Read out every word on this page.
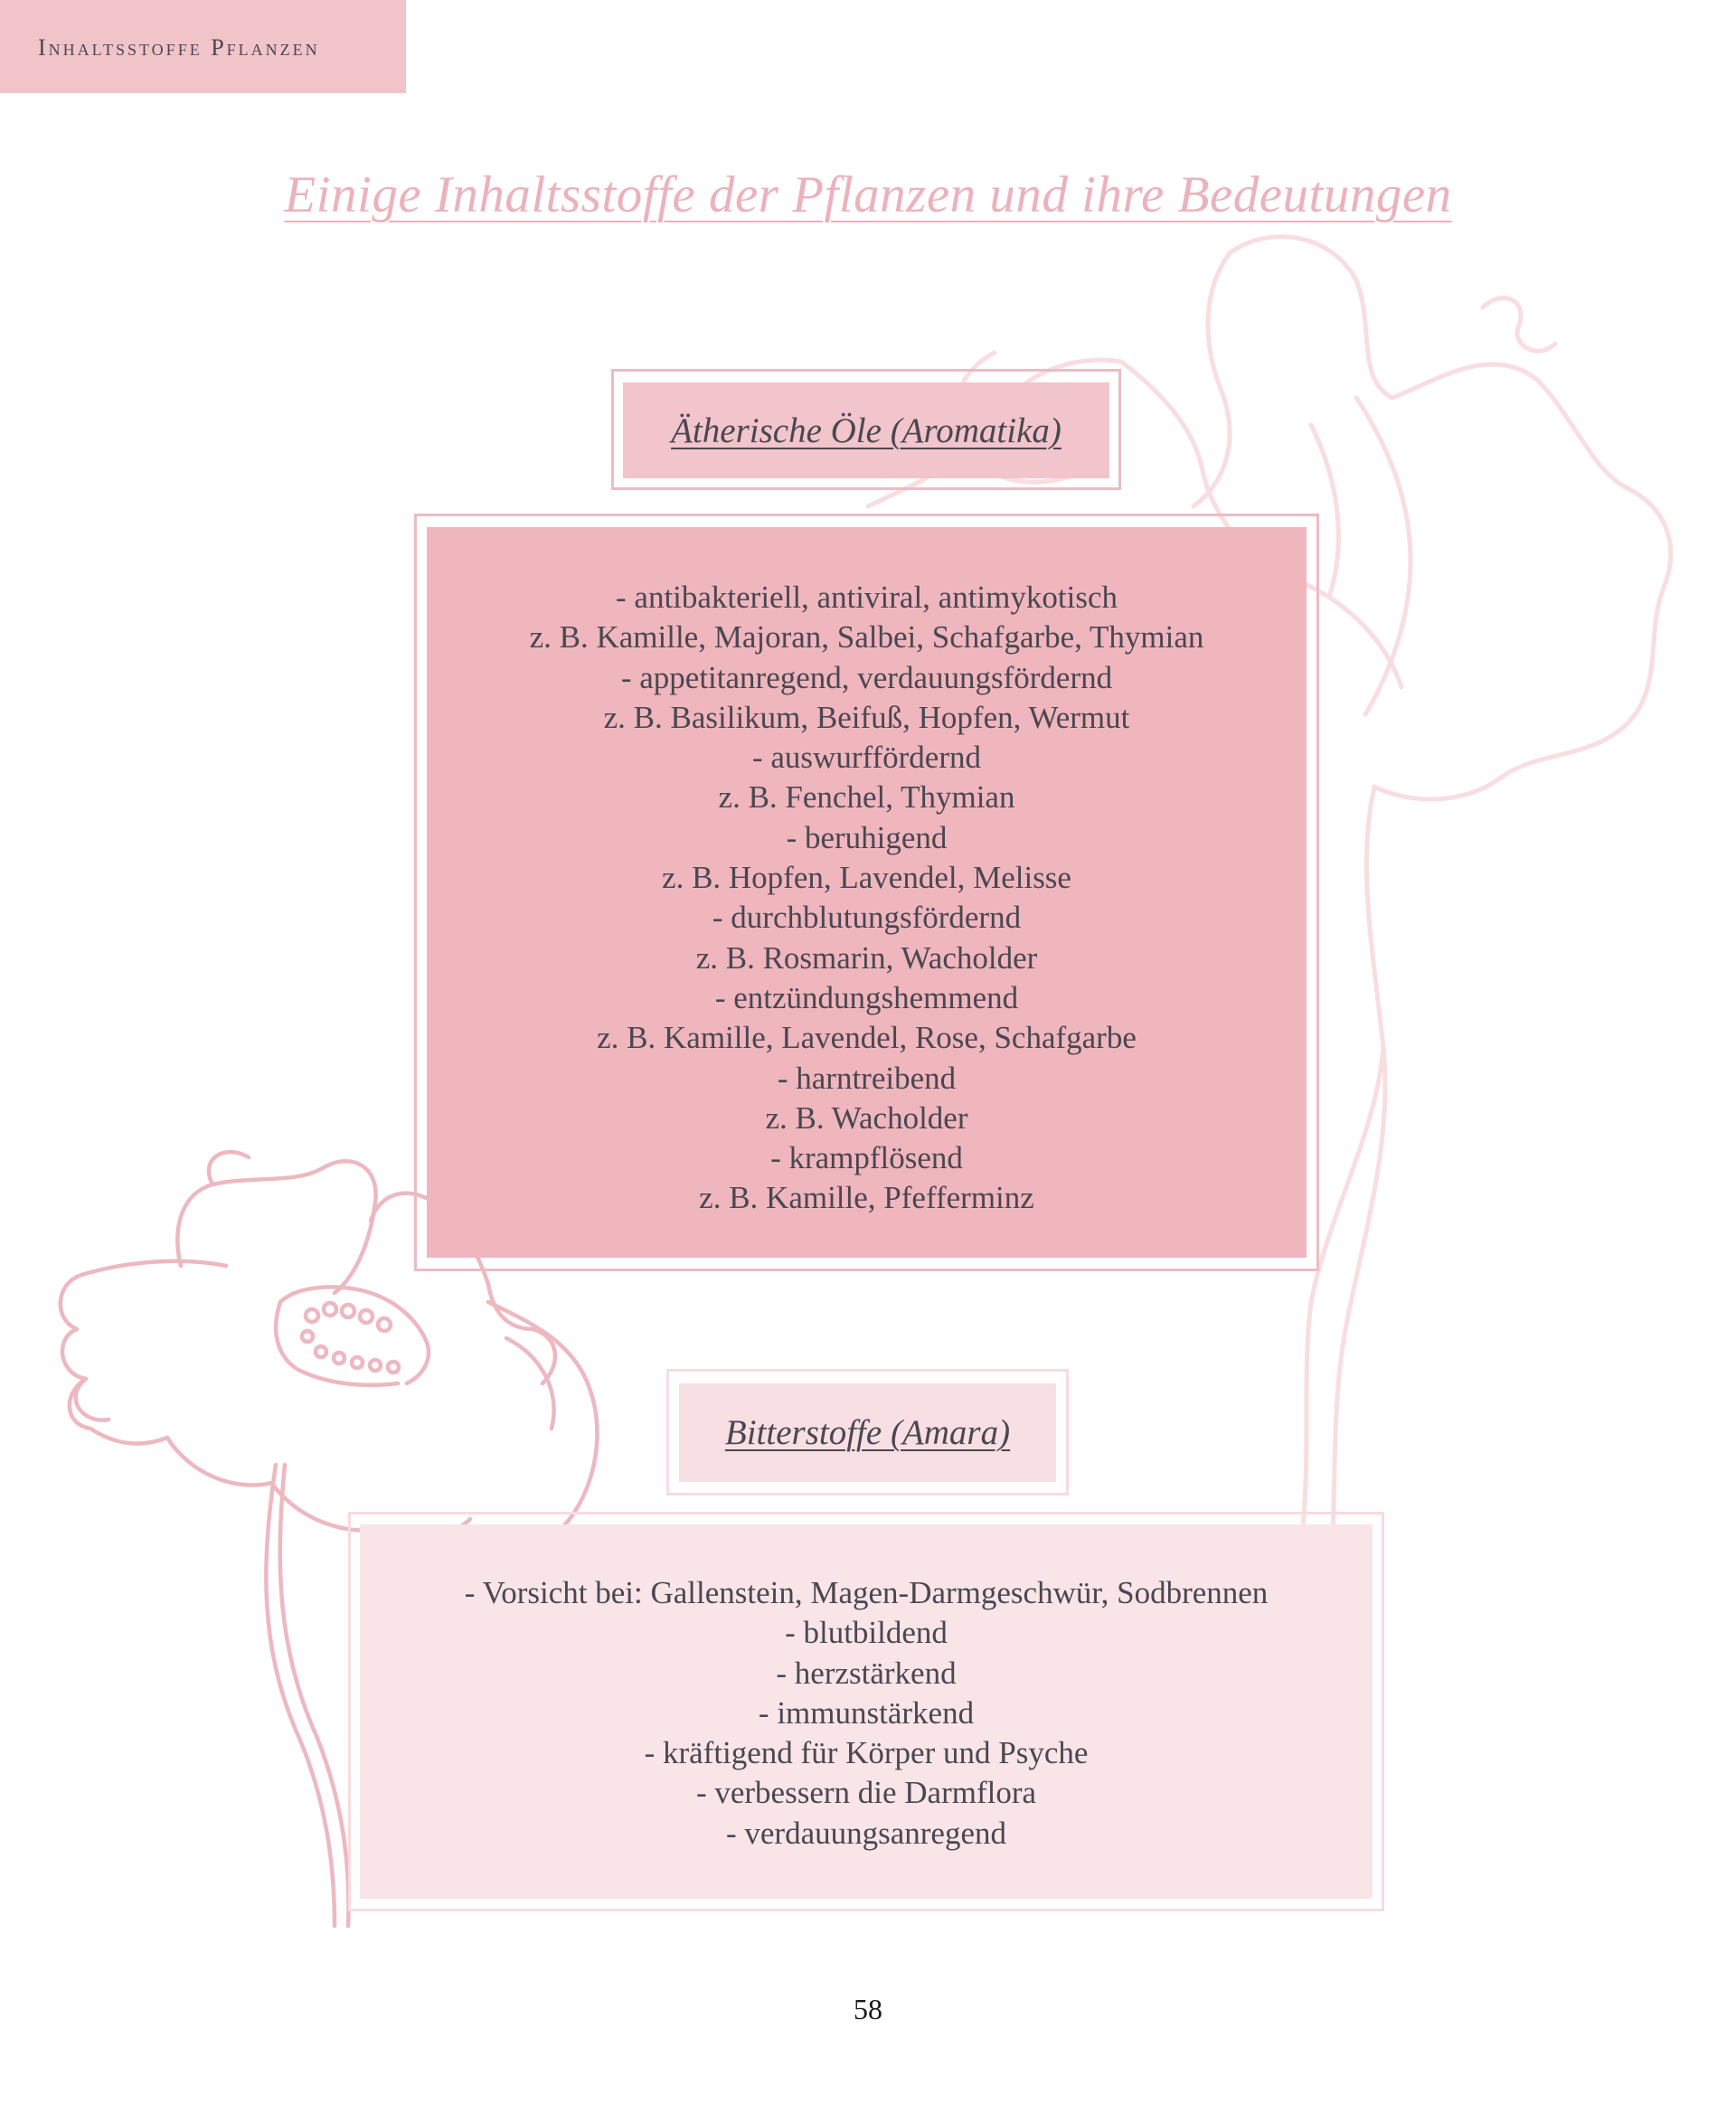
Inhaltsstoffe Pflanzen
Einige Inhaltsstoffe der Pflanzen und ihre Bedeutungen
Ätherische Öle (Aromatika)
- antibakteriell, antiviral, antimykotisch
z. B. Kamille, Majoran, Salbei, Schafgarbe, Thymian
- appetitanregend, verdauungsfördernd
z. B. Basilikum, Beifuß, Hopfen, Wermut
- auswurffördernd
z. B. Fenchel, Thymian
- beruhigend
z. B. Hopfen, Lavendel, Melisse
- durchblutungsfördernd
z. B. Rosmarin, Wacholder
- entzündungshemmend
z. B. Kamille, Lavendel, Rose, Schafgarbe
- harntreibend
z. B. Wacholder
- krampflösend
z. B. Kamille, Pfefferminz
Bitterstoffe (Amara)
- Vorsicht bei: Gallenstein, Magen-Darmgeschwür, Sodbrennen
- blutbildend
- herzstärkend
- immunstärkend
- kräftigend für Körper und Psyche
- verbessern die Darmflora
- verdauungsanregend
58
